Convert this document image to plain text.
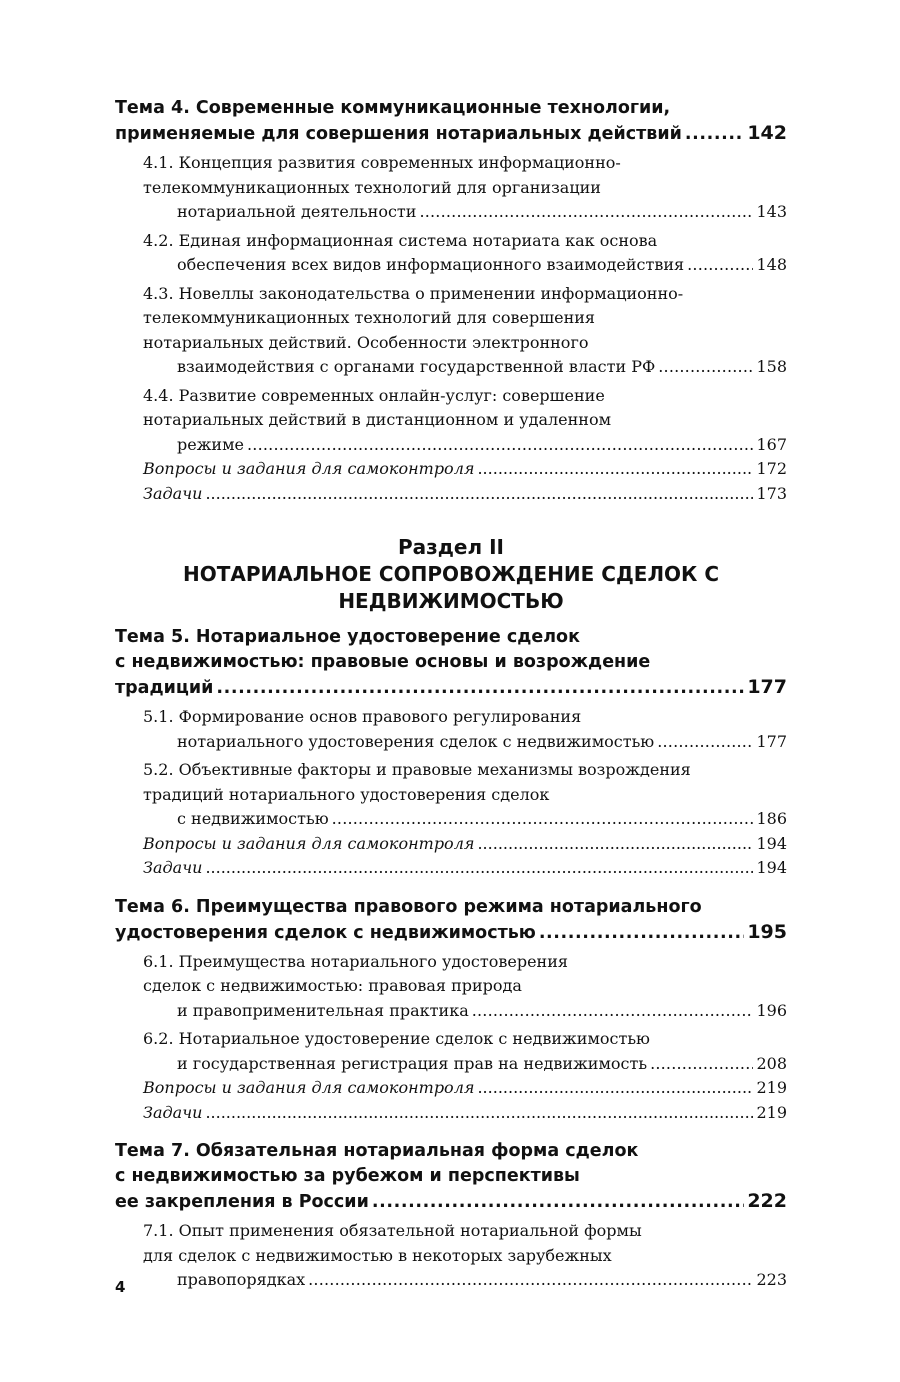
Тема 4. Современные коммуникационные технологии,
применяемые для совершения нотариальных действий .....	142
4.1. Концепция развития современных информационно-
телекоммуникационных технологий для организации
нотариальной деятельности .....	143
4.2. Единая информационная система нотариата как основа
обеспечения всех видов информационного взаимодействия .....	148
4.3. Новеллы законодательства о применении информационно-
телекоммуникационных технологий для совершения
нотариальных действий. Особенности электронного
взаимодействия с органами государственной власти РФ .....	158
4.4. Развитие современных онлайн-услуг: совершение
нотариальных действий в дистанционном и удаленном
режиме .....	167
Вопросы и задания для самоконтроля .....	172
Задачи .....	173
Раздел II
НОТАРИАЛЬНОЕ СОПРОВОЖДЕНИЕ СДЕЛОК С НЕДВИЖИМОСТЬЮ
Тема 5. Нотариальное удостоверение сделок
с недвижимостью: правовые основы и возрождение
традиций .....	177
5.1. Формирование основ правового регулирования
нотариального удостоверения сделок с недвижимостью .....	177
5.2. Объективные факторы и правовые механизмы возрождения
традиций нотариального удостоверения сделок
с недвижимостью .....	186
Вопросы и задания для самоконтроля .....	194
Задачи .....	194
Тема 6. Преимущества правового режима нотариального
удостоверения сделок с недвижимостью .....	195
6.1. Преимущества нотариального удостоверения
сделок с недвижимостью: правовая природа
и правоприменительная практика .....	196
6.2. Нотариальное удостоверение сделок с недвижимостью
и государственная регистрация прав на недвижимость .....	208
Вопросы и задания для самоконтроля .....	219
Задачи .....	219
Тема 7. Обязательная нотариальная форма сделок
с недвижимостью за рубежом и перспективы
ее закрепления в России .....	222
7.1. Опыт применения обязательной нотариальной формы
для сделок с недвижимостью в некоторых зарубежных
правопорядках .....	223
4
